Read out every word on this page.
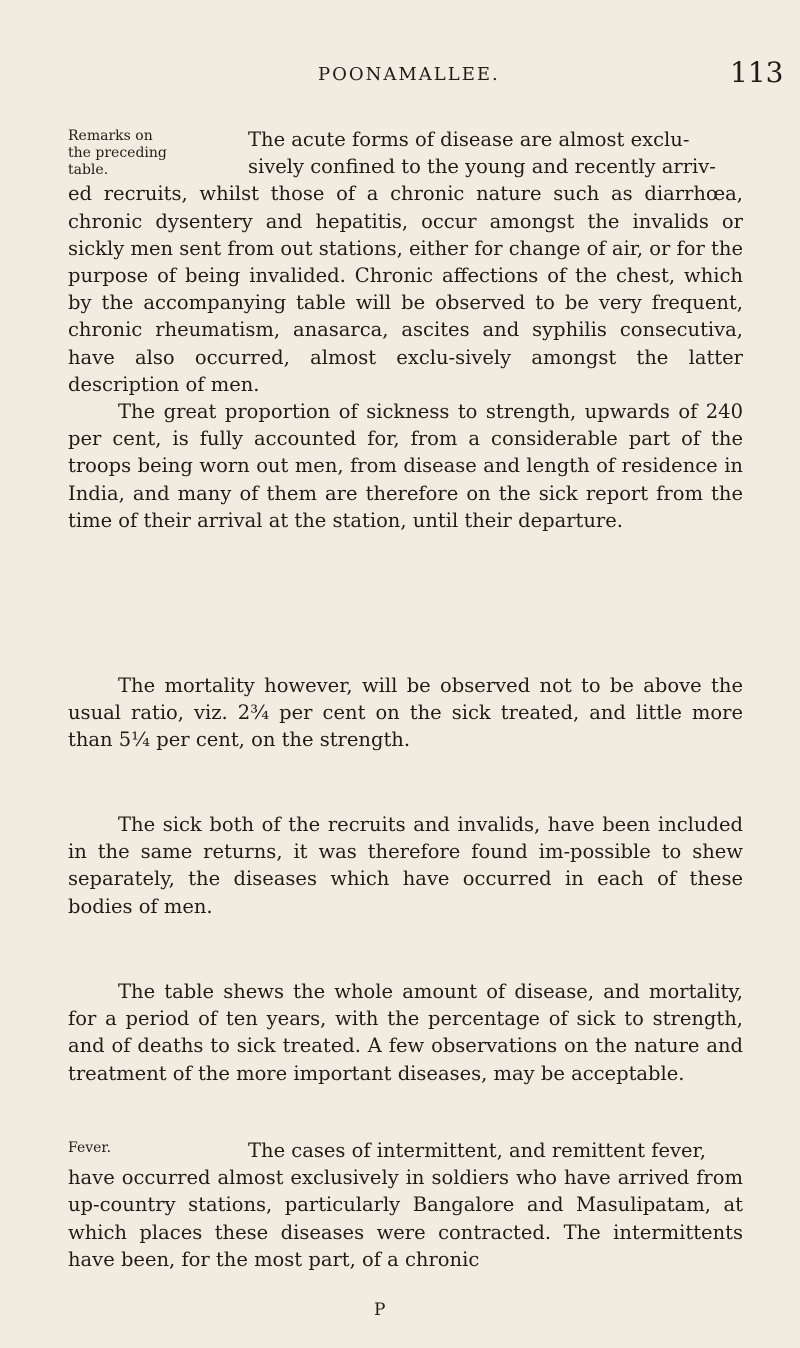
POONAMALLEE.	113
Remarks on the preceding table.

The acute forms of disease are almost exclu-
sively confined to the young and recently arriv-
ed recruits, whilst those of a chronic nature such as diarrhœa, chronic dysentery and hepatitis, occur amongst the invalids or sickly men sent from out stations, either for change of air, or for the purpose of being invalided. Chronic affections of the chest, which by the accompanying table will be observed to be very frequent, chronic rheumatism, anasarca, ascites and syphilis consecutiva, have also occurred, almost exclu-sively amongst the latter description of men.

The great proportion of sickness to strength, upwards of 240 per cent, is fully accounted for, from a considerable part of the troops being worn out men, from disease and length of residence in India, and many of them are therefore on the sick report from the time of their arrival at the station, until their departure.

The mortality however, will be observed not to be above the usual ratio, viz. 2¾ per cent on the sick treated, and little more than 5¼ per cent, on the strength.

The sick both of the recruits and invalids, have been included in the same returns, it was therefore found im-possible to shew separately, the diseases which have occurred in each of these bodies of men.

The table shews the whole amount of disease, and mortality, for a period of ten years, with the percentage of sick to strength, and of deaths to sick treated. A few observations on the nature and treatment of the more important diseases, may be acceptable.

Fever.	The cases of intermittent, and remittent fever,
have occurred almost exclusively in soldiers who have arrived from up-country stations, particularly Bangalore and Masulipatam, at which places these diseases were contracted. The intermittents have been, for the most part, of a chronic

P
